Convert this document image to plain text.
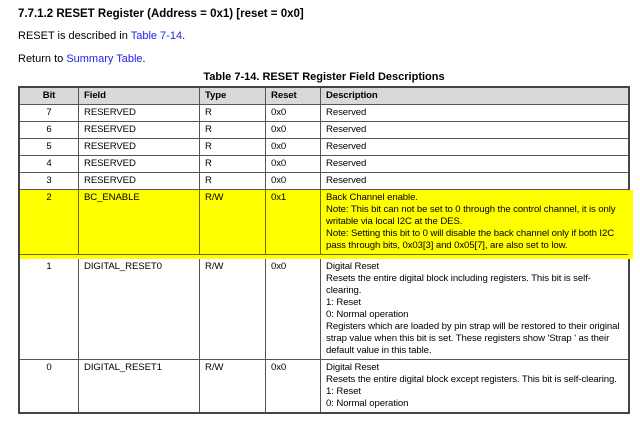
7.7.1.2 RESET Register (Address = 0x1) [reset = 0x0]

RESET is described in Table 7-14.

Return to Summary Table.

Table 7-14. RESET Register Field Descriptions
Bit	Field	Type	Reset	Description
7	RESERVED	R	0x0	Reserved
6	RESERVED	R	0x0	Reserved
5	RESERVED	R	0x0	Reserved
4	RESERVED	R	0x0	Reserved
3	RESERVED	R	0x0	Reserved
2	BC_ENABLE	R/W	0x1	Back Channel enable.
Note: This bit can not be set to 0 through the control channel, it is only writable via local I2C at the DES.
Note: Setting this bit to 0 will disable the back channel only if both I2C pass through bits, 0x03[3] and 0x05[7], are also set to low.
1	DIGITAL_RESET0	R/W	0x0	Digital Reset
Resets the entire digital block including registers. This bit is self-clearing.
1: Reset
0: Normal operation
Registers which are loaded by pin strap will be restored to their original strap value when this bit is set. These registers show 'Strap ' as their default value in this table.
0	DIGITAL_RESET1	R/W	0x0	Digital Reset
Resets the entire digital block except registers. This bit is self-clearing.
1: Reset
0: Normal operation
